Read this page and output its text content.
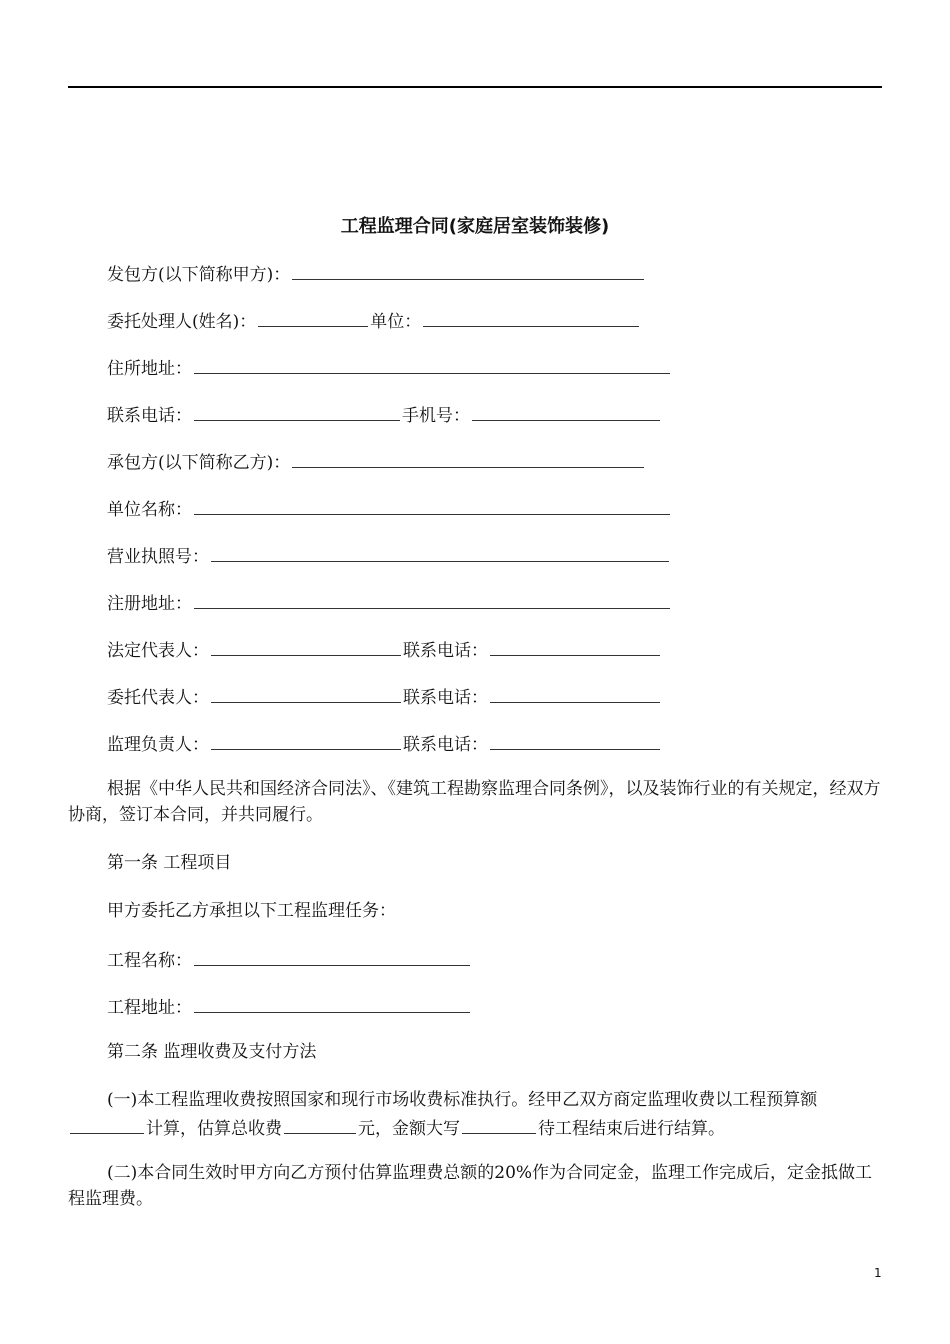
工程监理合同(家庭居室装饰装修)
发包方(以下简称甲方)：
委托处理人(姓名)：	单位：
住所地址：
联系电话：	手机号：
承包方(以下简称乙方)：
单位名称：
营业执照号：
注册地址：
法定代表人：	联系电话：
委托代表人：	联系电话：
监理负责人：	联系电话：
根据《中华人民共和国经济合同法》、《建筑工程勘察监理合同条例》，以及装饰行业的有关规定，经双方协商，签订本合同，并共同履行。
第一条 工程项目
甲方委托乙方承担以下工程监理任务：
工程名称：
工程地址：
第二条 监理收费及支付方法
(一)本工程监理收费按照国家和现行市场收费标准执行。经甲乙双方商定监理收费以工程预算额计算，估算总收费	元，金额大写	待工程结束后进行结算。
(二)本合同生效时甲方向乙方预付估算监理费总额的20%作为合同定金，监理工作完成后，定金抵做工程监理费。
1
